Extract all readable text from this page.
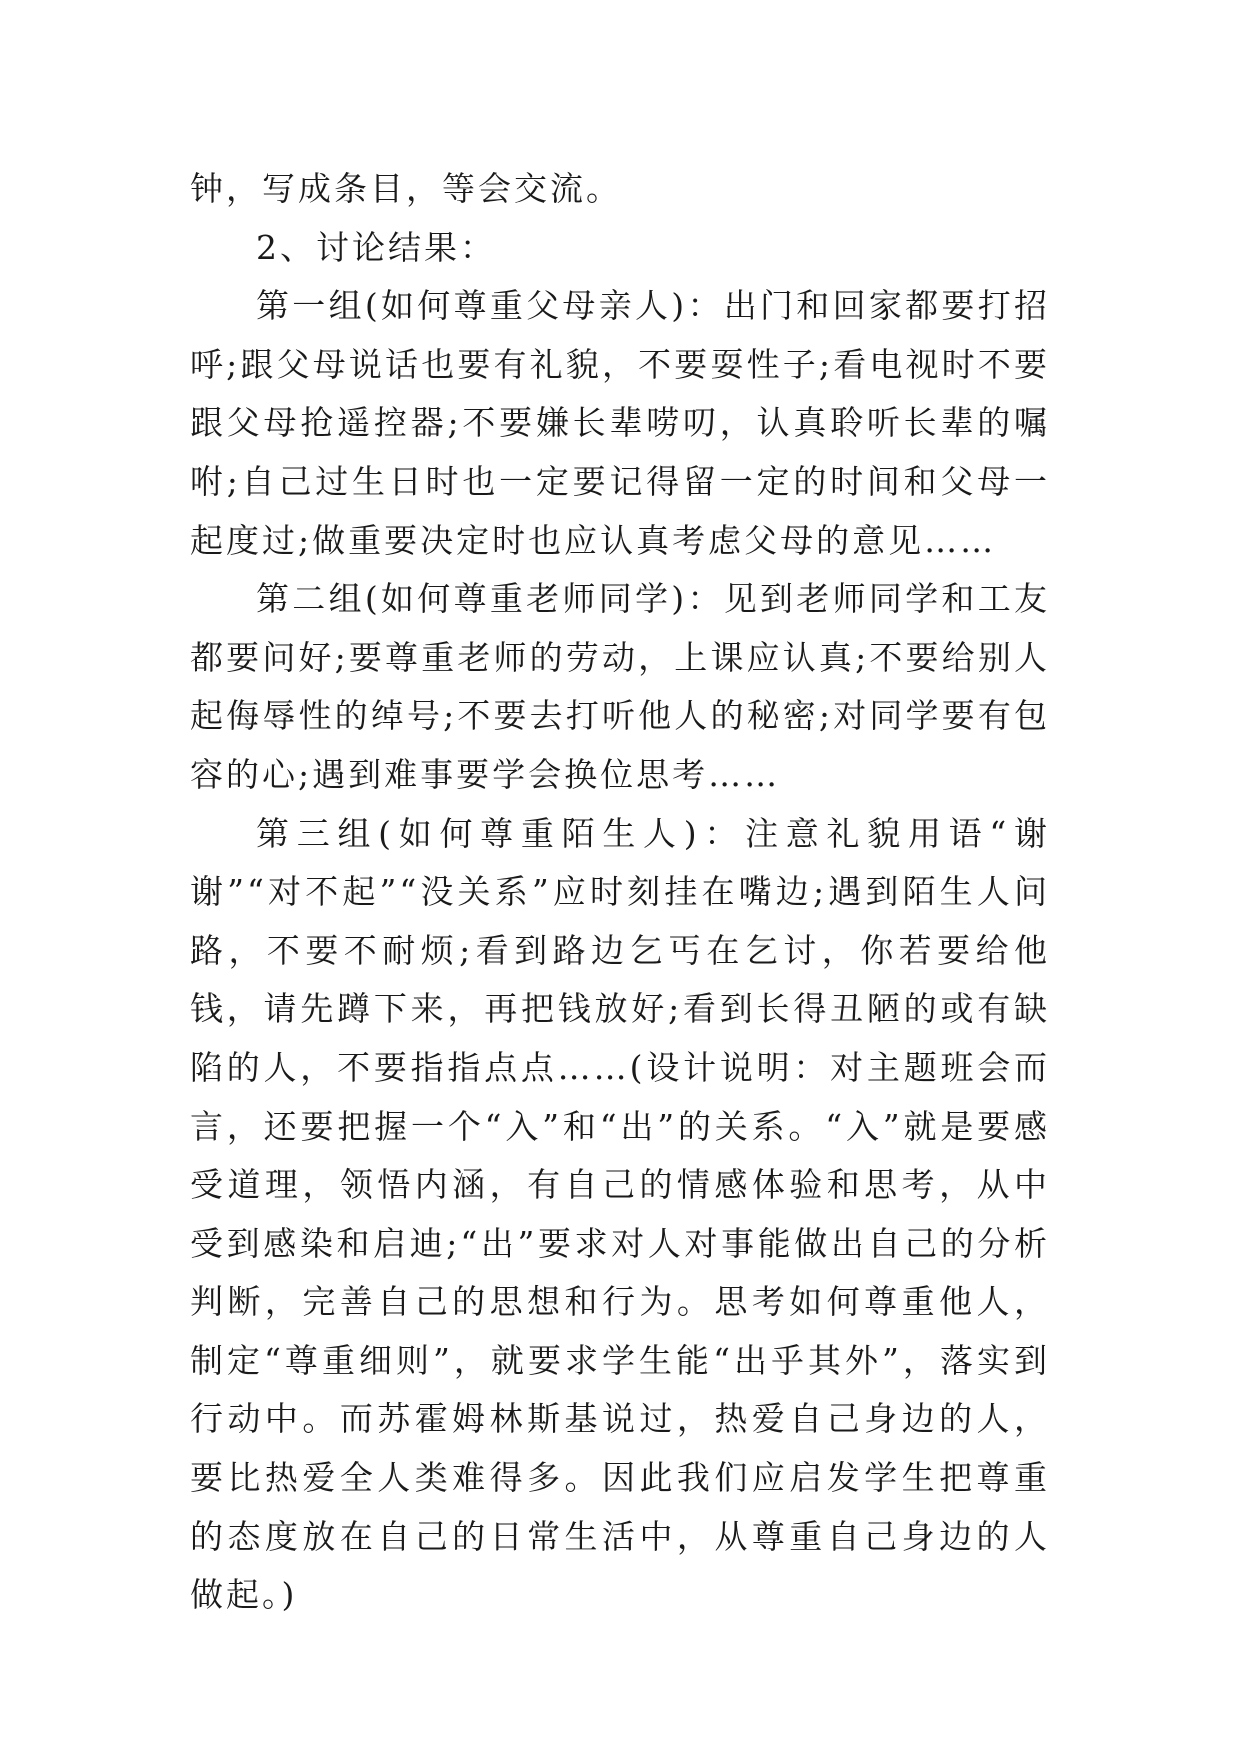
钟，写成条目，等会交流。

2、讨论结果：

第一组(如何尊重父母亲人)：出门和回家都要打招呼;跟父母说话也要有礼貌，不要耍性子;看电视时不要跟父母抢遥控器;不要嫌长辈唠叨，认真聆听长辈的嘱咐;自己过生日时也一定要记得留一定的时间和父母一起度过;做重要决定时也应认真考虑父母的意见……

第二组(如何尊重老师同学)：见到老师同学和工友都要问好;要尊重老师的劳动，上课应认真;不要给别人起侮辱性的绰号;不要去打听他人的秘密;对同学要有包容的心;遇到难事要学会换位思考……

第三组(如何尊重陌生人)：注意礼貌用语“谢谢”“对不起”“没关系”应时刻挂在嘴边;遇到陌生人问路，不要不耐烦;看到路边乞丐在乞讨，你若要给他钱，请先蹲下来，再把钱放好;看到长得丑陋的或有缺陷的人，不要指指点点……(设计说明：对主题班会而言，还要把握一个“入”和“出”的关系。“入”就是要感受道理，领悟内涵，有自己的情感体验和思考，从中受到感染和启迪;“出”要求对人对事能做出自己的分析判断，完善自己的思想和行为。思考如何尊重他人，制定“尊重细则”，就要求学生能“出乎其外”，落实到行动中。而苏霍姆林斯基说过，热爱自己身边的人，要比热爱全人类难得多。因此我们应启发学生把尊重的态度放在自己的日常生活中，从尊重自己身边的人做起。)
